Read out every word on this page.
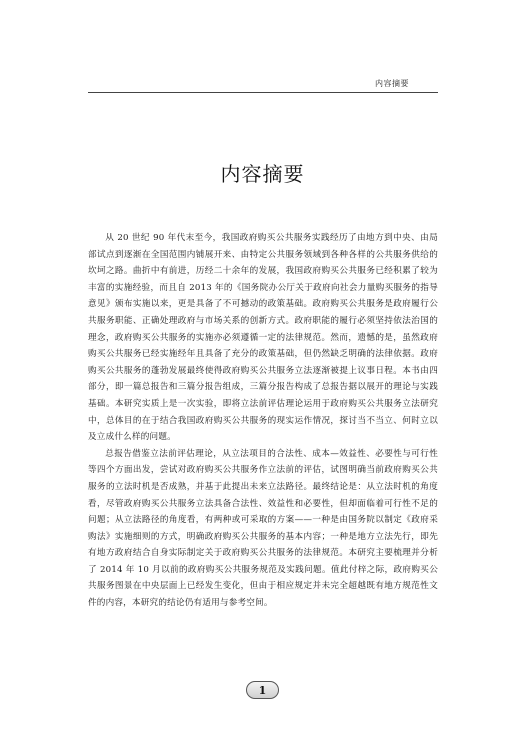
内容摘要
内容摘要

从 20 世纪 90 年代末至今，我国政府购买公共服务实践经历了由地方到中央、由局部试点到逐渐在全国范围内铺展开来、由特定公共服务领域到各种各样的公共服务供给的坎坷之路。曲折中有前进，历经二十余年的发展，我国政府购买公共服务已经积累了较为丰富的实施经验，而且自 2013 年的《国务院办公厅关于政府向社会力量购买服务的指导意见》颁布实施以来，更是具备了不可撼动的政策基础。政府购买公共服务是政府履行公共服务职能、正确处理政府与市场关系的创新方式。政府职能的履行必须坚持依法治国的理念，政府购买公共服务的实施亦必须遵循一定的法律规范。然而，遗憾的是，虽然政府购买公共服务已经实施经年且具备了充分的政策基础，但仍然缺乏明确的法律依据。政府购买公共服务的蓬勃发展最终使得政府购买公共服务立法逐渐被提上议事日程。本书由四部分，即一篇总报告和三篇分报告组成，三篇分报告构成了总报告据以展开的理论与实践基础。本研究实质上是一次实验，即将立法前评估理论运用于政府购买公共服务立法研究中，总体目的在于结合我国政府购买公共服务的现实运作情况，探讨当不当立、何时立以及立成什么样的问题。

总报告借鉴立法前评估理论，从立法项目的合法性、成本—效益性、必要性与可行性等四个方面出发，尝试对政府购买公共服务作立法前的评估，试图明确当前政府购买公共服务的立法时机是否成熟，并基于此提出未来立法路径。最终结论是：从立法时机的角度看，尽管政府购买公共服务立法具备合法性、效益性和必要性，但却面临着可行性不足的问题；从立法路径的角度看，有两种或可采取的方案——一种是由国务院以制定《政府采购法》实施细则的方式，明确政府购买公共服务的基本内容；一种是地方立法先行，即先有地方政府结合自身实际制定关于政府购买公共服务的法律规范。本研究主要梳理并分析了 2014 年 10 月以前的政府购买公共服务规范及实践问题。值此付梓之际，政府购买公共服务图景在中央层面上已经发生变化，但由于相应规定并未完全超越既有地方规范性文件的内容，本研究的结论仍有适用与参考空间。

1
